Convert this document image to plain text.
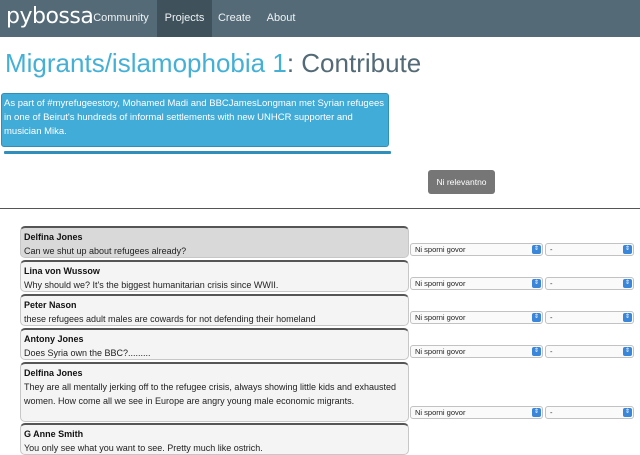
pybossa Community	Projects	Create	About
Migrants/islamophobia 1: Contribute
As part of #myrefugeestory, Mohamed Madi and BBCJamesLongman met Syrian refugees in one of Beirut's hundreds of informal settlements with new UNHCR supporter and musician Mika.
Ni relevantno
Delfina Jones
Can we shut up about refugees already?	Ni sporni govor	⇕	-	⇕
Lina von Wussow
Why should we? It's the biggest humanitarian crisis since WWII.	Ni sporni govor	⇕	-	⇕
Peter Nason
these refugees adult males are cowards for not defending their homeland	Ni sporni govor	⇕	-	⇕
Antony Jones
Does Syria own the BBC?.........	Ni sporni govor	⇕	-	⇕
Delfina Jones
They are all mentally jerking off to the refugee crisis, always showing little kids and exhausted women. How come all we see in Europe are angry young male economic migrants.
Ni sporni govor	⇕	-	⇕
G Anne Smith
You only see what you want to see. Pretty much like ostrich.
